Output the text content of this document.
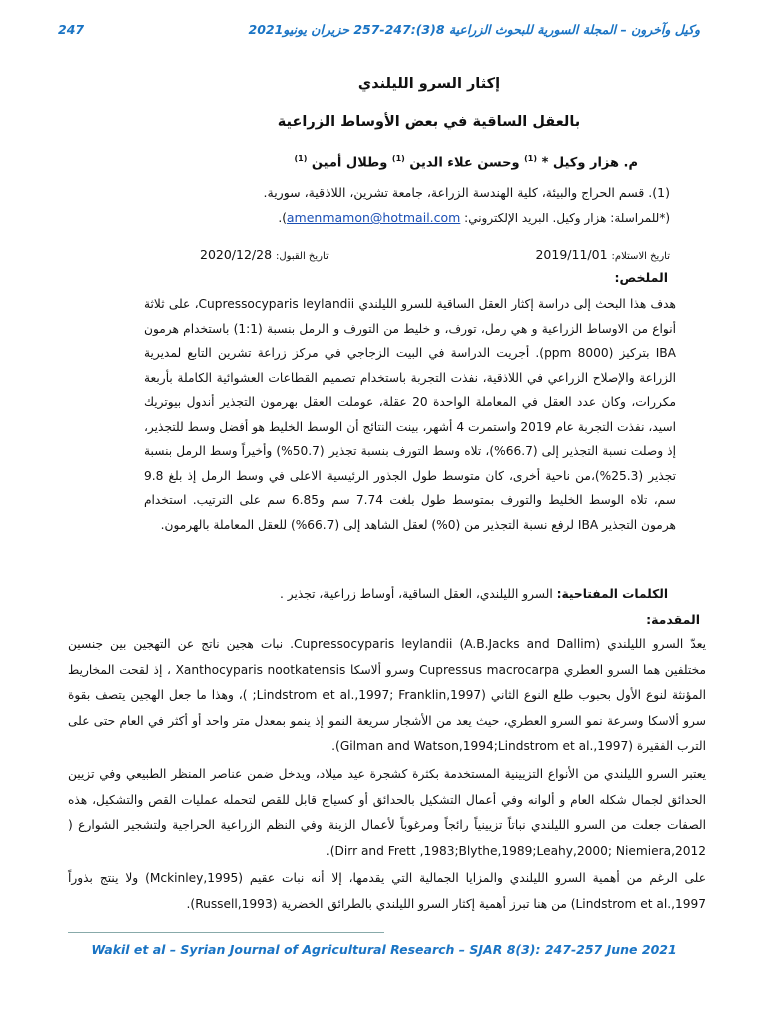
247	وكيل وآخرون – المجلة السورية للبحوث الزراعية 8(3):247-257 حزيران يونيو2021
إكثار السرو الليلندي
بالعقل الساقية في بعض الأوساط الزراعية
م. هزار وكيل * $^{(1)}$ وحسن علاء الدين $^{(1)}$ وطلال أمين $^{(1)}$
(1). قسم الحراج والبيئة، كلية الهندسة الزراعة، جامعة تشرين، اللاذقية، سورية.
(*للمراسلة: هزار وكيل. البريد الإلكتروني: amenmamon@hotmail.com).
تاريخ الاستلام: 2019/11/01
تاريخ القبول: 2020/12/28
الملخص:

هدف هذا البحث إلى دراسة إكثار العقل الساقية للسرو الليلندي Cupressocyparis leylandii، على ثلاثة أنواع من الاوساط الزراعية و هي رمل، تورف، و خليط من التورف و الرمل بنسبة (1:1) باستخدام هرمون IBA بتركيز (8000 ppm). أجريت الدراسة في البيت الزجاجي في مركز زراعة تشرين التابع لمديرية الزراعة والإصلاح الزراعي في اللاذقية، نفذت التجربة باستخدام تصميم القطاعات العشوائية الكاملة بأربعة مكررات، وكان عدد العقل في المعاملة الواحدة 20 عقلة، عوملت العقل بهرمون التجذير أندول بيوتريك اسيد، نفذت التجربة عام 2019 واستمرت 4 أشهر، بينت النتائج أن الوسط الخليط هو أفضل وسط للتجذير، إذ وصلت نسبة التجذير إلى (66.7%)، تلاه وسط التورف بنسبة تجذير (50.7%) وأخيراً وسط الرمل بنسبة تجذير (25.3%)،من ناحية أخرى، كان متوسط طول الجذور الرئيسية الاعلى في وسط الرمل إذ بلغ 9.8 سم، تلاه الوسط الخليط والتورف بمتوسط طول بلغت 7.74 سم و6.85 سم على الترتيب. استخدام هرمون التجذير IBA لرفع نسبة التجذير من (0%) لعقل الشاهد إلى (66.7%) للعقل المعاملة بالهرمون.

الكلمات المفتاحية: السرو الليلندي، العقل الساقية، أوساط زراعية، تجذير .
المقدمة:

يعدّ السرو الليلندي (Cupressocyparis leylandii (A.B.Jacks and Dallim. نبات هجين ناتج عن التهجين بين جنسين مختلفين هما السرو العطري Cupressus macrocarpa وسرو ألاسكا Xanthocyparis nootkatensis ، إذ لقحت المخاريط المؤنثة لنوع الأول بحبوب طلع النوع الثاني (Lindstrom et al.,1997; Franklin,1997; )، وهذا ما جعل الهجين يتصف بقوة سرو ألاسكا وسرعة نمو السرو العطري، حيث يعد من الأشجار سريعة النمو إذ ينمو بمعدل متر واحد أو أكثر في العام حتى على الترب الفقيرة (Gilman and Watson,1994;Lindstrom et al.,1997).

يعتبر السرو الليلندي من الأنواع التزيينية المستخدمة بكثرة كشجرة عيد ميلاد، ويدخل ضمن عناصر المنظر الطبيعي وفي تزيين الحدائق لجمال شكله العام و ألوانه وفي أعمال التشكيل بالحدائق أو كسياج قابل للقص لتحمله عمليات القص والتشكيل، هذه الصفات جعلت من السرو الليلندي نباتاً تزيينياً رائجاً ومرغوباً لأعمال الزينة وفي النظم الزراعية الحراجية ولتشجير الشوارع ( Dirr and Frett ,1983;Blythe,1989;Leahy,2000; Niemiera,2012).

على الرغم من أهمية السرو الليلندي والمزايا الجمالية التي يقدمها، إلا أنه نبات عقيم (Mckinley,1995) ولا ينتج بذوراً Lindstrom et al.,1997) من هنا تبرز أهمية إكثار السرو الليلندي بالطرائق الخضرية (Russell,1993).

Wakil et al – Syrian Journal of Agricultural Research – SJAR 8(3): 247-257 June 2021
